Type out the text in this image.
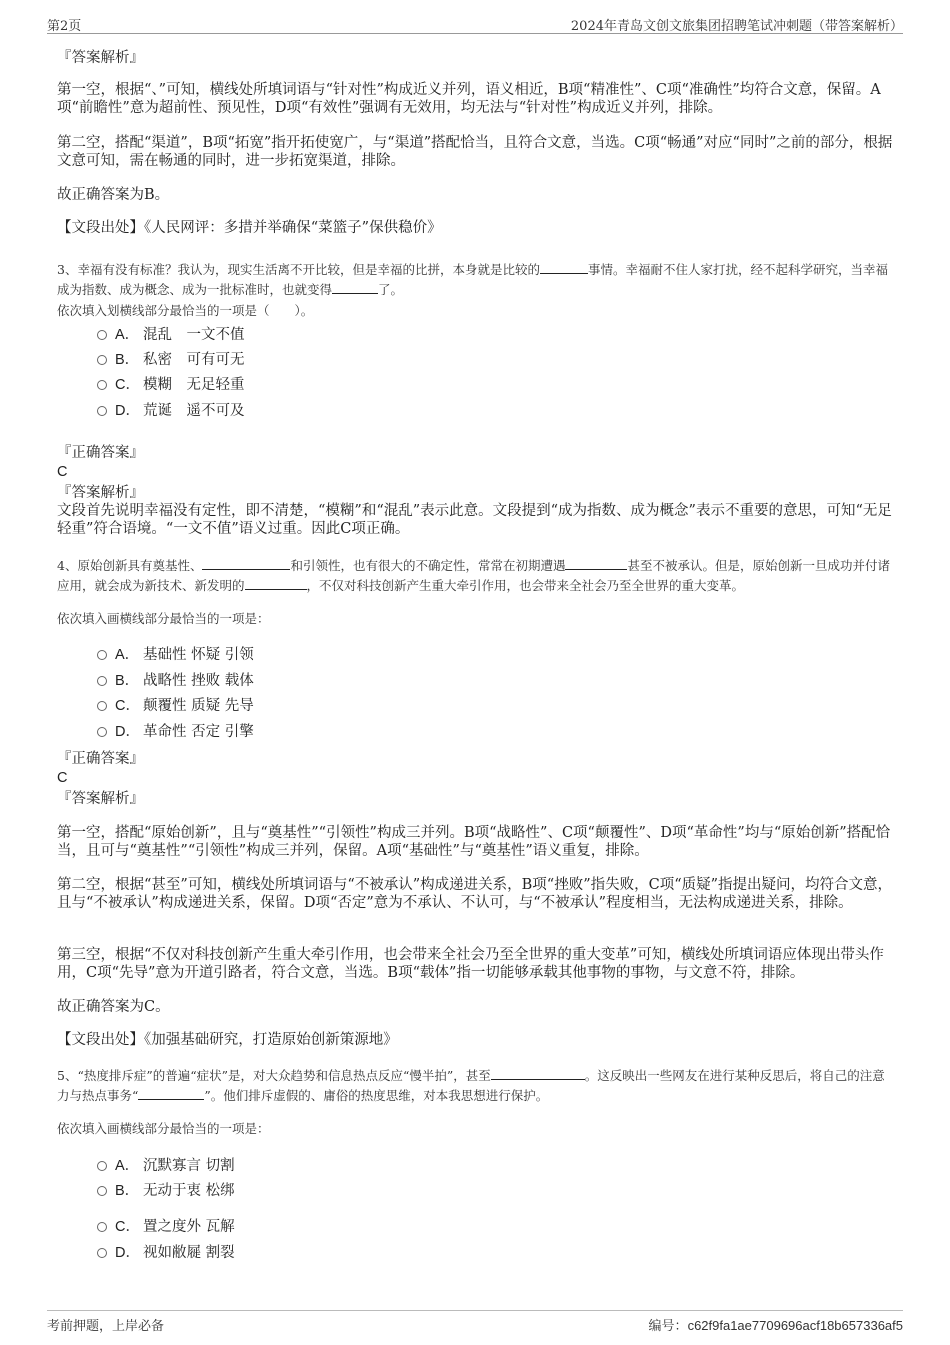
第2页	2024年青岛文创文旅集团招聘笔试冲刺题（带答案解析）
『答案解析』
第一空，根据“、”可知，横线处所填词语与“针对性”构成近义并列，语义相近，B项“精准性”、C项“准确性”均符合文意，保留。A项“前瞻性”意为超前性、预见性，D项“有效性”强调有无效用，均无法与“针对性”构成近义并列，排除。
第二空，搭配“渠道”，B项“拓宽”指开拓使宽广，与“渠道”搭配恰当，且符合文意，当选。C项“畅通”对应“同时”之前的部分，根据文意可知，需在畅通的同时，进一步拓宽渠道，排除。
故正确答案为B。
【文段出处】《人民网评：多措并举确保“菜篮子”保供稳价》
3、幸福有没有标准？我认为，现实生活离不开比较，但是幸福的比拼，本身就是比较的	事情。幸福耐不住人家打扰，经不起科学研究，当幸福成为指数、成为概念、成为一批标准时，也就变得	了。
依次填入划横线部分最恰当的一项是（　　）。
A． 混乱　一文不值
B． 私密　可有可无
C． 模糊　无足轻重
D． 荒诞　遥不可及
『正确答案』
C
『答案解析』
文段首先说明幸福没有定性，即不清楚，“模糊”和“混乱”表示此意。文段提到“成为指数、成为概念”表示不重要的意思，可知“无足轻重”符合语境。“一文不值”语义过重。因此C项正确。
4、原始创新具有奠基性、	和引领性，也有很大的不确定性，常常在初期遭遇	甚至不被承认。但是，原始创新一旦成功并付诸应用，就会成为新技术、新发明的	，不仅对科技创新产生重大牵引作用，也会带来全社会乃至全世界的重大变革。
依次填入画横线部分最恰当的一项是：
A． 基础性 怀疑 引领
B． 战略性 挫败 载体
C． 颠覆性 质疑 先导
D． 革命性 否定 引擎
『正确答案』
C
『答案解析』
第一空，搭配“原始创新”，且与“奠基性”“引领性”构成三并列。B项“战略性”、C项“颠覆性”、D项“革命性”均与“原始创新”搭配恰当，且可与“奠基性”“引领性”构成三并列，保留。A项“基础性”与“奠基性”语义重复，排除。
第二空，根据“甚至”可知，横线处所填词语与“不被承认”构成递进关系，B项“挫败”指失败，C项“质疑”指提出疑问，均符合文意，且与“不被承认”构成递进关系，保留。D项“否定”意为不承认、不认可，与“不被承认”程度相当，无法构成递进关系，排除。
第三空，根据“不仅对科技创新产生重大牵引作用，也会带来全社会乃至全世界的重大变革”可知，横线处所填词语应体现出带头作用，C项“先导”意为开道引路者，符合文意，当选。B项“载体”指一切能够承载其他事物的事物，与文意不符，排除。
故正确答案为C。
【文段出处】《加强基础研究，打造原始创新策源地》
5、“热度排斥症”的普遍“症状”是，对大众趋势和信息热点反应“慢半拍”，甚至	。这反映出一些网友在进行某种反思后，将自己的注意力与热点事务“	”。他们排斥虚假的、庸俗的热度思维，对本我思想进行保护。
依次填入画横线部分最恰当的一项是：
A． 沉默寡言 切割
B． 无动于衷 松绑
C． 置之度外 瓦解
D． 视如敝屣 割裂
考前押题，上岸必备	编号：c62f9fa1ae7709696acf18b657336af5
